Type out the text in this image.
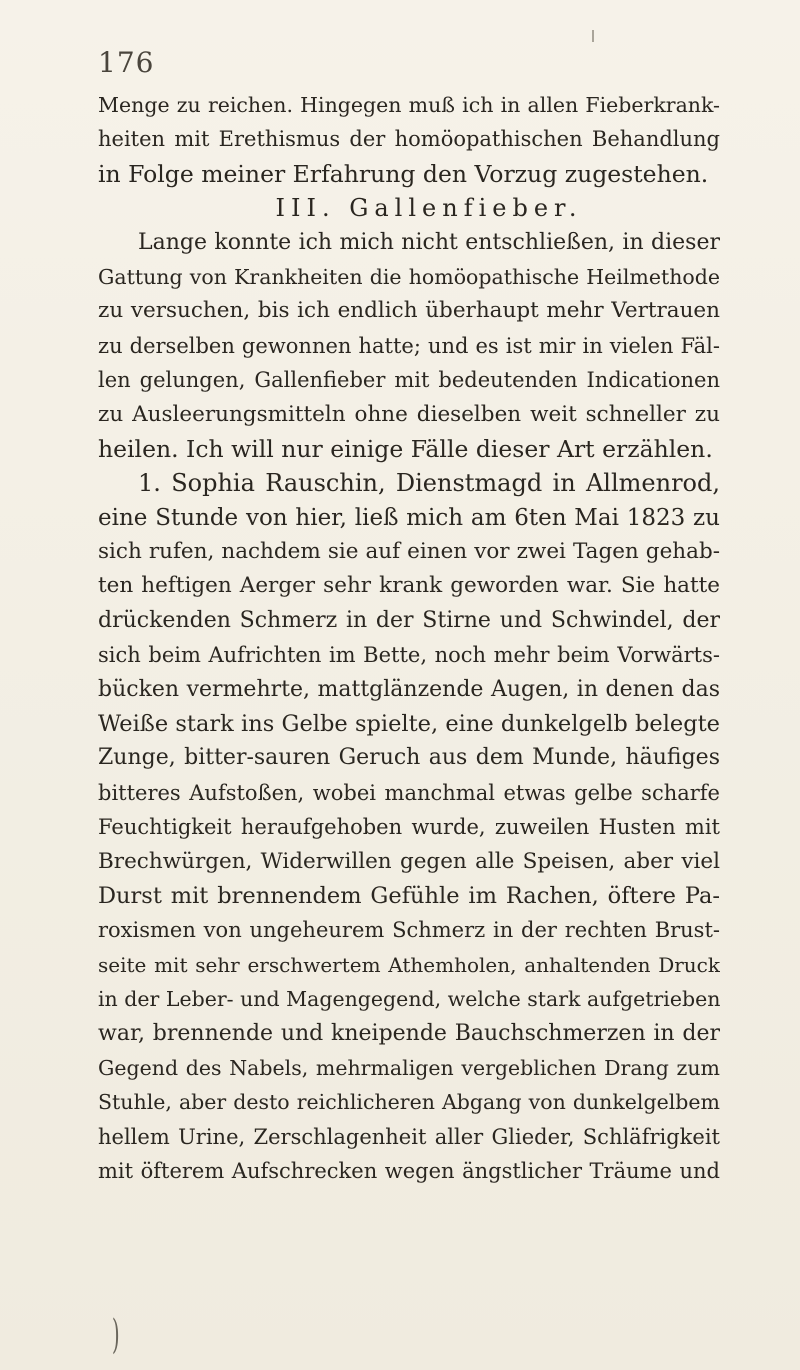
176
Menge zu reichen. Hingegen muß ich in allen Fieberkrank-
heiten mit Erethismus der homöopathischen Behandlung
in Folge meiner Erfahrung den Vorzug zugestehen.
III. Gallenfieber.
Lange konnte ich mich nicht entschließen, in dieser
Gattung von Krankheiten die homöopathische Heilmethode
zu versuchen, bis ich endlich überhaupt mehr Vertrauen
zu derselben gewonnen hatte; und es ist mir in vielen Fäl-
len gelungen, Gallenfieber mit bedeutenden Indicationen
zu Ausleerungsmitteln ohne dieselben weit schneller zu
heilen. Ich will nur einige Fälle dieser Art erzählen.
1. Sophia Rauschin, Dienstmagd in Allmenrod,
eine Stunde von hier, ließ mich am 6ten Mai 1823 zu
sich rufen, nachdem sie auf einen vor zwei Tagen gehab-
ten heftigen Aerger sehr krank geworden war. Sie hatte
drückenden Schmerz in der Stirne und Schwindel, der
sich beim Aufrichten im Bette, noch mehr beim Vorwärts-
bücken vermehrte, mattglänzende Augen, in denen das
Weiße stark ins Gelbe spielte, eine dunkelgelb belegte
Zunge, bitter-sauren Geruch aus dem Munde, häufiges
bitteres Aufstoßen, wobei manchmal etwas gelbe scharfe
Feuchtigkeit heraufgehoben wurde, zuweilen Husten mit
Brechwürgen, Widerwillen gegen alle Speisen, aber viel
Durst mit brennendem Gefühle im Rachen, öftere Pa-
roxismen von ungeheurem Schmerz in der rechten Brust-
seite mit sehr erschwertem Athemholen, anhaltenden Druck
in der Leber- und Magengegend, welche stark aufgetrieben
war, brennende und kneipende Bauchschmerzen in der
Gegend des Nabels, mehrmaligen vergeblichen Drang zum
Stuhle, aber desto reichlicheren Abgang von dunkelgelbem
hellem Urine, Zerschlagenheit aller Glieder, Schläfrigkeit
mit öfterem Aufschrecken wegen ängstlicher Träume und
)
